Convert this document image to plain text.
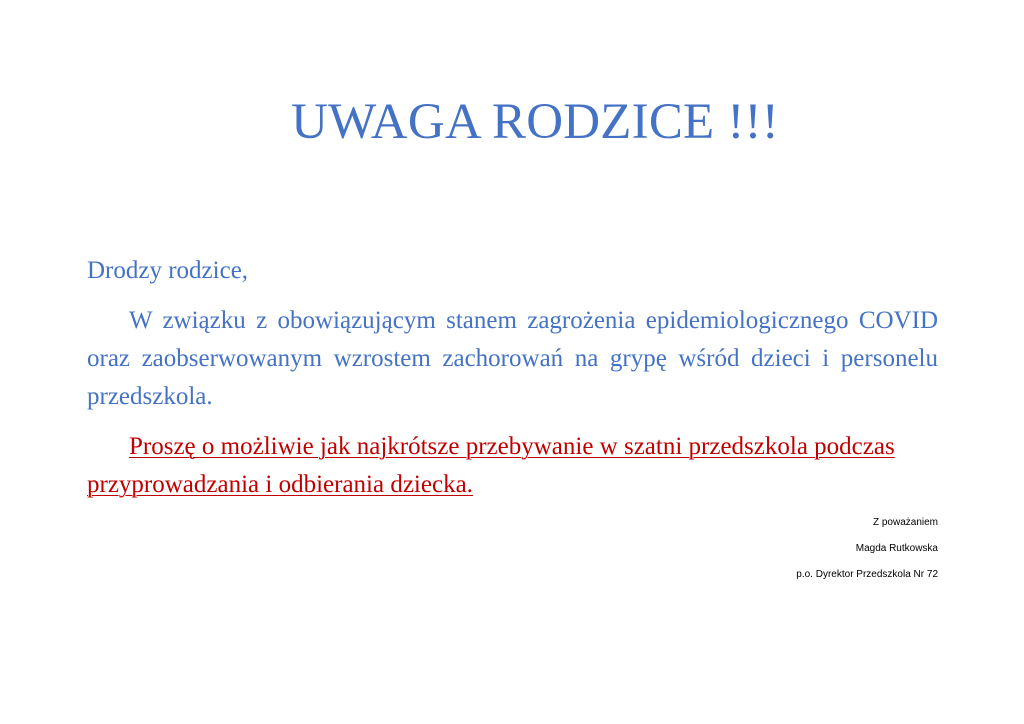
UWAGA RODZICE !!!

Drodzy rodzice,

W związku z obowiązującym stanem zagrożenia epidemiologicznego COVID oraz zaobserwowanym wzrostem zachorowań na grypę wśród dzieci i personelu przedszkola.

Proszę o możliwie jak najkrótsze przebywanie w szatni przedszkola podczas przyprowadzania i odbierania dziecka.

Z poważaniem

Magda Rutkowska

p.o. Dyrektor Przedszkola Nr 72
